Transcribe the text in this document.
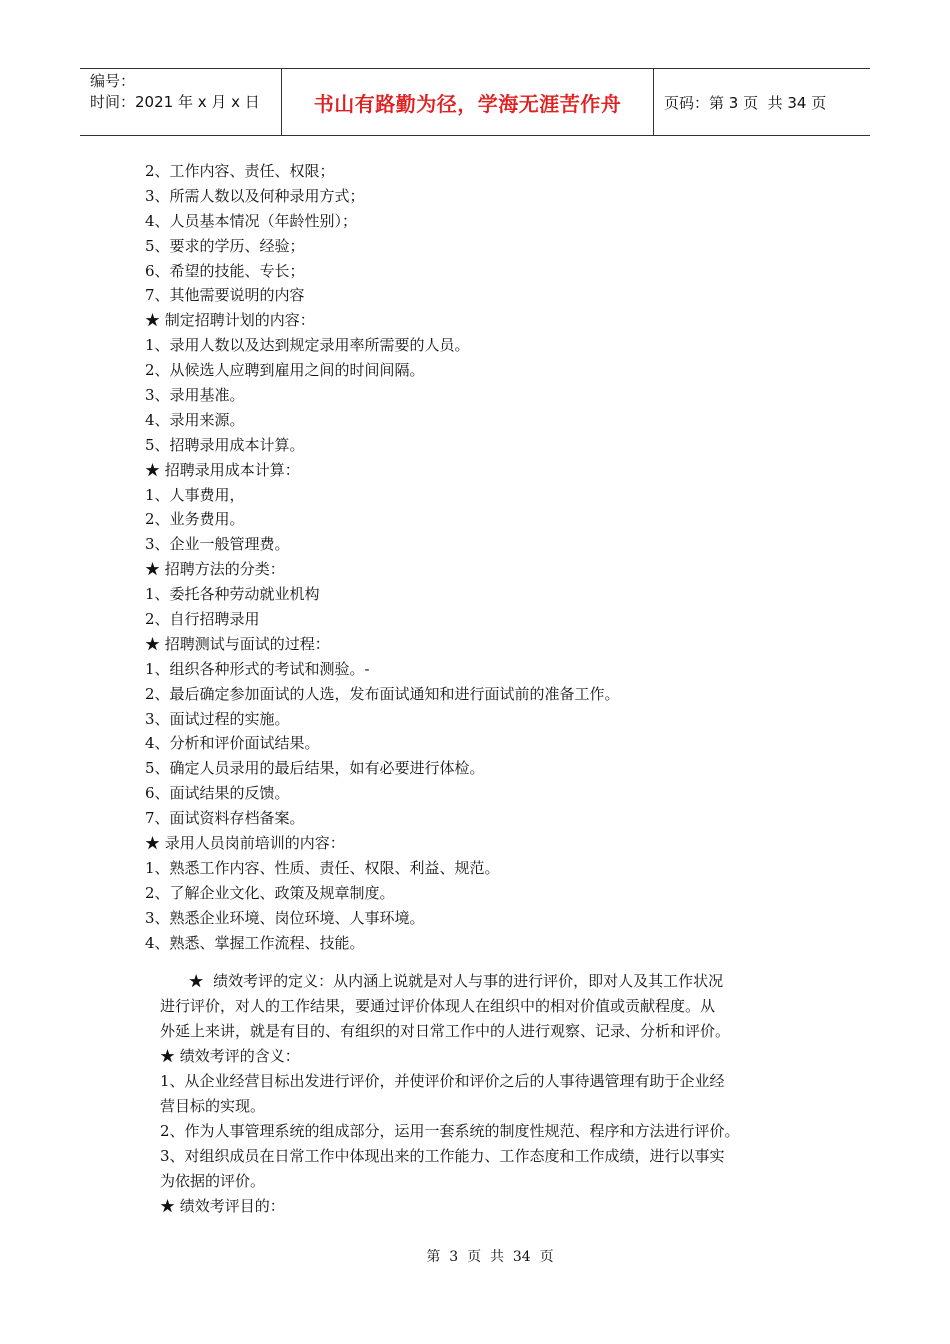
编号：
时间：2021 年 x 月 x 日	书山有路勤为径，学海无涯苦作舟	页码：第 3 页  共 34 页
2、工作内容、责任、权限；
3、所需人数以及何种录用方式；
4、人员基本情况（年龄性别）；
5、要求的学历、经验；
6、希望的技能、专长；
7、其他需要说明的内容
★ 制定招聘计划的内容：
1、录用人数以及达到规定录用率所需要的人员。
2、从候选人应聘到雇用之间的时间间隔。
3、录用基准。
4、录用来源。
5、招聘录用成本计算。
★ 招聘录用成本计算：
1、人事费用，
2、业务费用。
3、企业一般管理费。
★ 招聘方法的分类：
1、委托各种劳动就业机构
2、自行招聘录用
★ 招聘测试与面试的过程：
1、组织各种形式的考试和测验。-
2、最后确定参加面试的人选，发布面试通知和进行面试前的准备工作。
3、面试过程的实施。
4、分析和评价面试结果。
5、确定人员录用的最后结果，如有必要进行体检。
6、面试结果的反馈。
7、面试资料存档备案。
★ 录用人员岗前培训的内容：
1、熟悉工作内容、性质、责任、权限、利益、规范。
2、了解企业文化、政策及规章制度。
3、熟悉企业环境、岗位环境、人事环境。
4、熟悉、掌握工作流程、技能。
★  绩效考评的定义：从内涵上说就是对人与事的进行评价，即对人及其工作状况
进行评价，对人的工作结果，要通过评价体现人在组织中的相对价值或贡献程度。从
外延上来讲，就是有目的、有组织的对日常工作中的人进行观察、记录、分析和评价。
★ 绩效考评的含义：
1、从企业经营目标出发进行评价，并使评价和评价之后的人事待遇管理有助于企业经
营目标的实现。
2、作为人事管理系统的组成部分，运用一套系统的制度性规范、程序和方法进行评价。
3、对组织成员在日常工作中体现出来的工作能力、工作态度和工作成绩，进行以事实
为依据的评价。
★ 绩效考评目的：
第  3  页  共  34  页
